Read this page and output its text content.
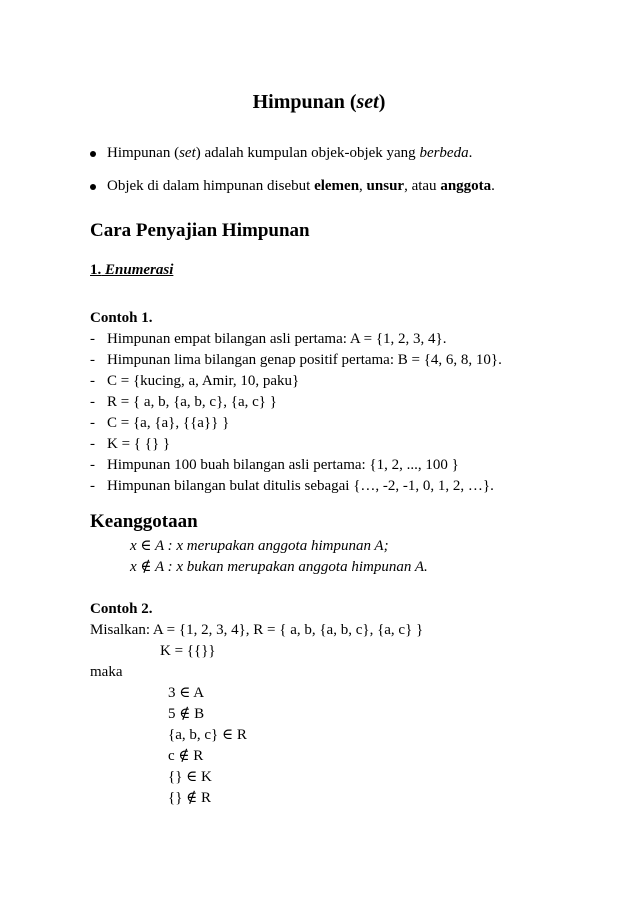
Himpunan (set)
Himpunan (set) adalah kumpulan objek-objek yang berbeda.
Objek di dalam himpunan disebut elemen, unsur, atau anggota.
Cara Penyajian Himpunan
1. Enumerasi
Contoh 1.
- Himpunan empat bilangan asli pertama: A = {1, 2, 3, 4}.
- Himpunan lima bilangan genap positif pertama: B = {4, 6, 8, 10}.
- C = {kucing, a, Amir, 10, paku}
- R = { a, b, {a, b, c}, {a, c} }
- C = {a, {a}, {{a}} }
- K = { {} }
- Himpunan 100 buah bilangan asli pertama: {1, 2, ..., 100 }
- Himpunan bilangan bulat ditulis sebagai {…, -2, -1, 0, 1, 2, …}.
Keanggotaan
x ∈ A : x merupakan anggota himpunan A;
x ∉ A : x bukan merupakan anggota himpunan A.
Contoh 2.
Misalkan: A = {1, 2, 3, 4}, R = { a, b, {a, b, c}, {a, c} }
K = {{}}
maka
3 ∈ A
5 ∉ B
{a, b, c} ∈ R
c ∉ R
{} ∈ K
{} ∉ R
